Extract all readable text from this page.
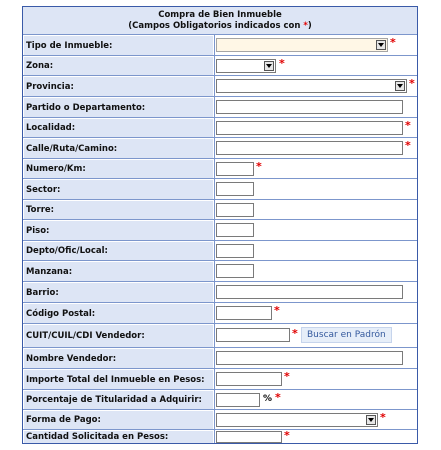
Compra de Bien Inmueble
(Campos Obligatorios indicados con *)
Tipo de Inmueble:	*
Zona:	*
Provincia:	*
Partido o Departamento:
Localidad:	*
Calle/Ruta/Camino:	*
Numero/Km:	*
Sector:
Torre:
Piso:
Depto/Ofic/Local:
Manzana:
Barrio:
Código Postal:	*
CUIT/CUIL/CDI Vendedor:	*	Buscar en Padrón
Nombre Vendedor:
Importe Total del Inmueble en Pesos:	*
Porcentaje de Titularidad a Adquirir:	% *
Forma de Pago:	*
Cantidad Solicitada en Pesos:	*
